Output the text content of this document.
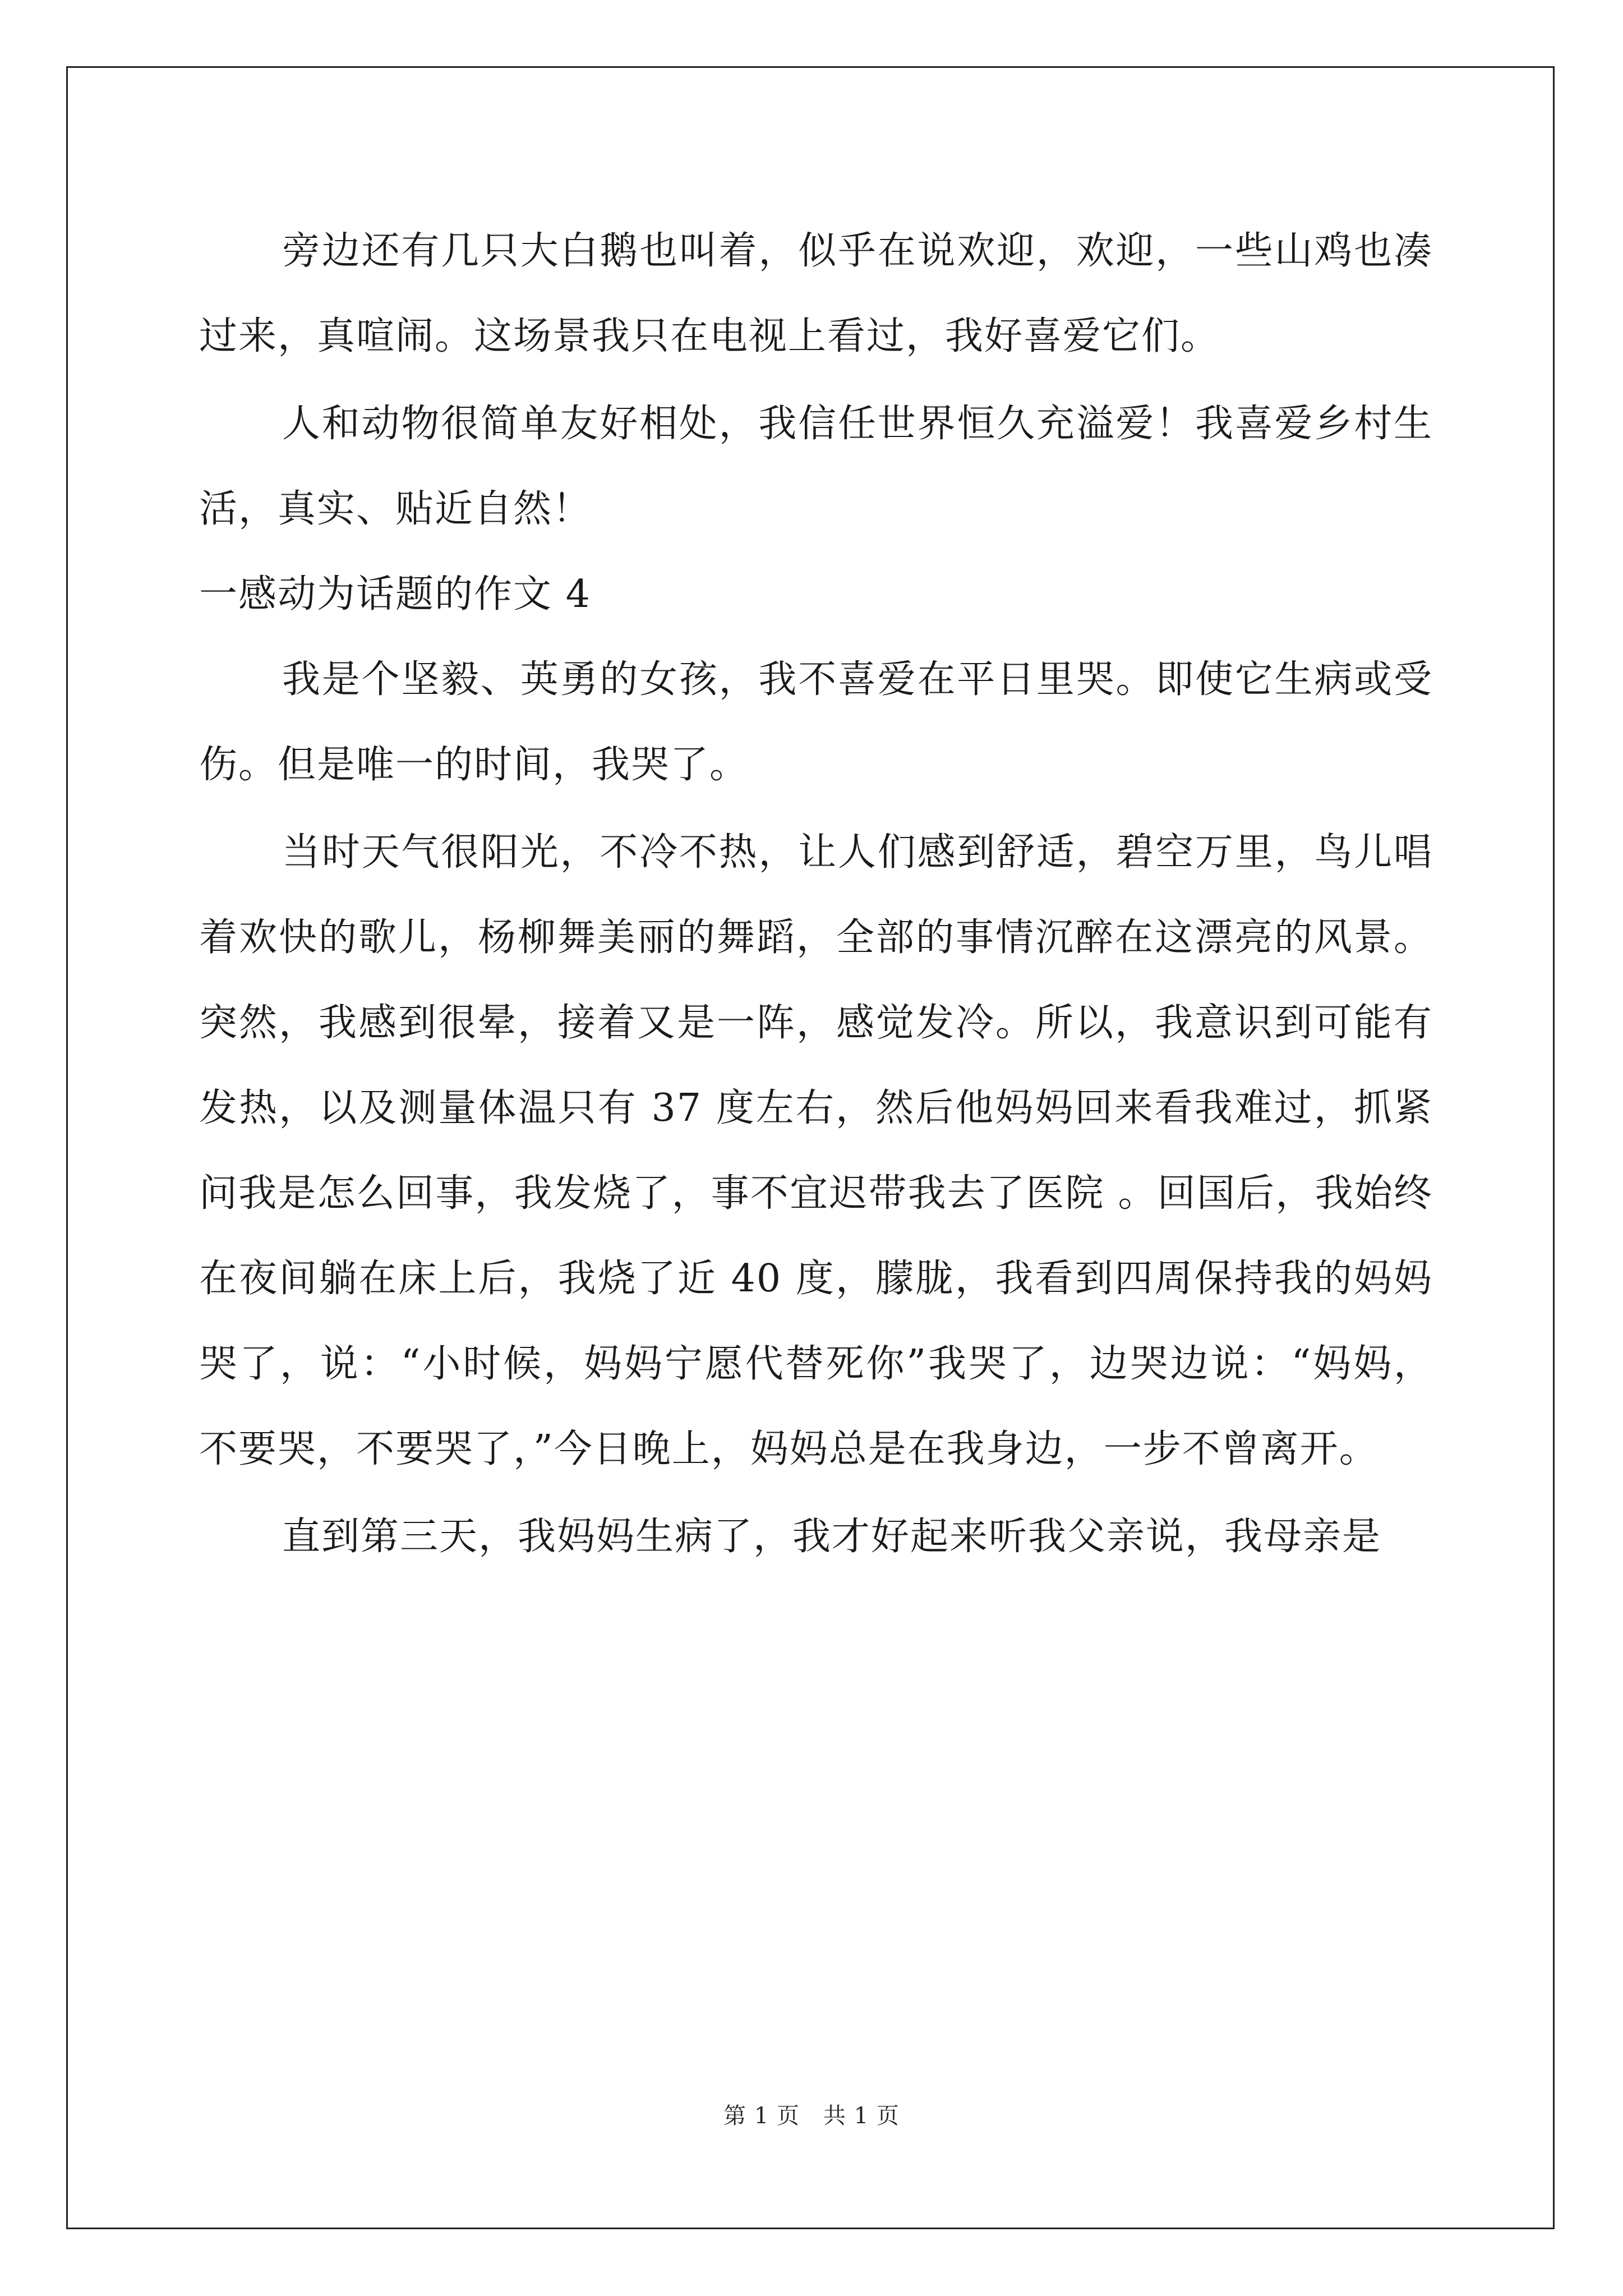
旁边还有几只大白鹅也叫着，似乎在说欢迎，欢迎，一些山鸡也凑过来，真喧闹。这场景我只在电视上看过，我好喜爱它们。

人和动物很简单友好相处，我信任世界恒久充溢爱！我喜爱乡村生活，真实、贴近自然！

一感动为话题的作文 4

我是个坚毅、英勇的女孩，我不喜爱在平日里哭。即使它生病或受伤。但是唯一的时间，我哭了。

当时天气很阳光，不冷不热，让人们感到舒适，碧空万里，鸟儿唱着欢快的歌儿，杨柳舞美丽的舞蹈，全部的事情沉醉在这漂亮的风景。突然，我感到很晕，接着又是一阵，感觉发冷。所以，我意识到可能有发热，以及测量体温只有 37 度左右，然后他妈妈回来看我难过，抓紧问我是怎么回事，我发烧了，事不宜迟带我去了医院 。回国后，我始终在夜间躺在床上后，我烧了近 40 度，朦胧，我看到四周保持我的妈妈哭了，说：“小时候，妈妈宁愿代替死你”我哭了，边哭边说：“妈妈，不要哭，不要哭了，”今日晚上，妈妈总是在我身边，一步不曾离开。

直到第三天，我妈妈生病了，我才好起来听我父亲说，我母亲是

第 1 页 共 1 页
